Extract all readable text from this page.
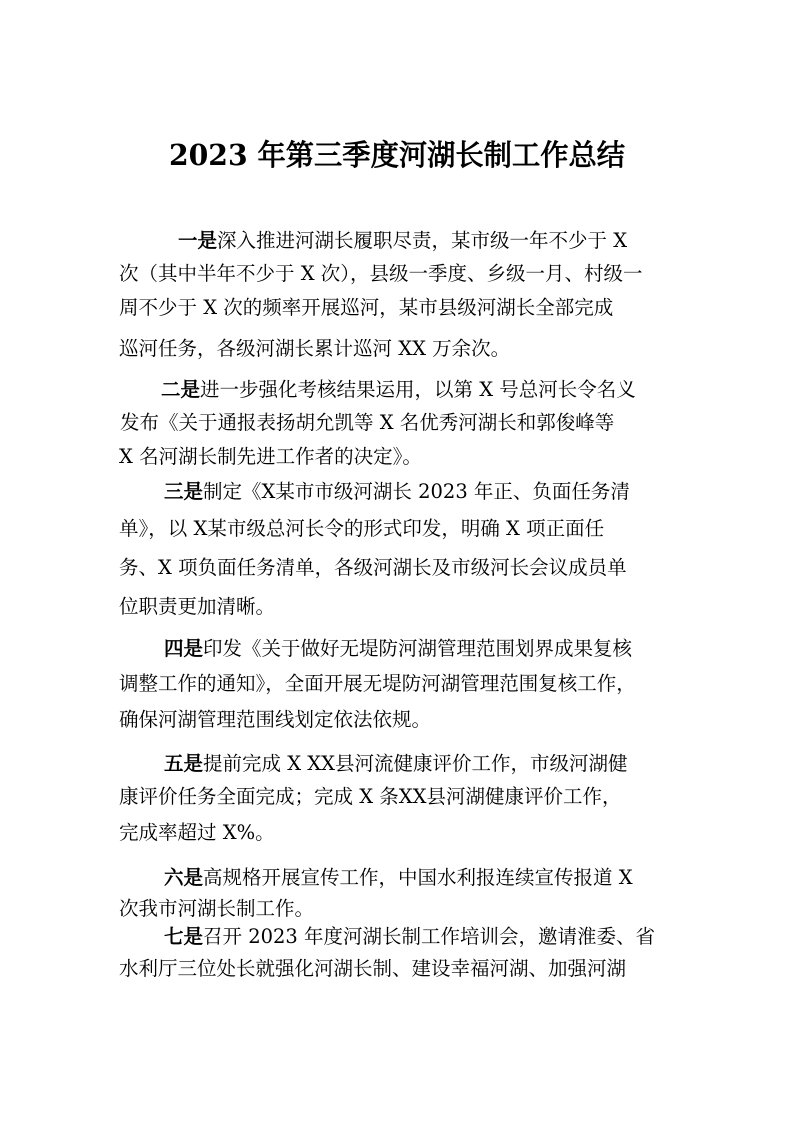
2023 年第三季度河湖长制工作总结
一是深入推进河湖长履职尽责，某市级一年不少于 X
次（其中半年不少于 X 次），县级一季度、乡级一月、村级一
周不少于 X 次的频率开展巡河，某市县级河湖长全部完成
巡河任务，各级河湖长累计巡河 XX 万余次。
二是进一步强化考核结果运用，以第 X 号总河长令名义
发布《关于通报表扬胡允凯等 X 名优秀河湖长和郭俊峰等
X 名河湖长制先进工作者的决定》。
三是制定《X某市市级河湖长 2023 年正、负面任务清
单》，以 X某市级总河长令的形式印发，明确 X 项正面任
务、X 项负面任务清单，各级河湖长及市级河长会议成员单
位职责更加清晰。
四是印发《关于做好无堤防河湖管理范围划界成果复核
调整工作的通知》，全面开展无堤防河湖管理范围复核工作，
确保河湖管理范围线划定依法依规。
五是提前完成 X XX县河流健康评价工作，市级河湖健
康评价任务全面完成；完成 X 条XX县河湖健康评价工作，
完成率超过 X%。
六是高规格开展宣传工作，中国水利报连续宣传报道 X
次我市河湖长制工作。
七是召开 2023 年度河湖长制工作培训会，邀请淮委、省
水利厅三位处长就强化河湖长制、建设幸福河湖、加强河湖
